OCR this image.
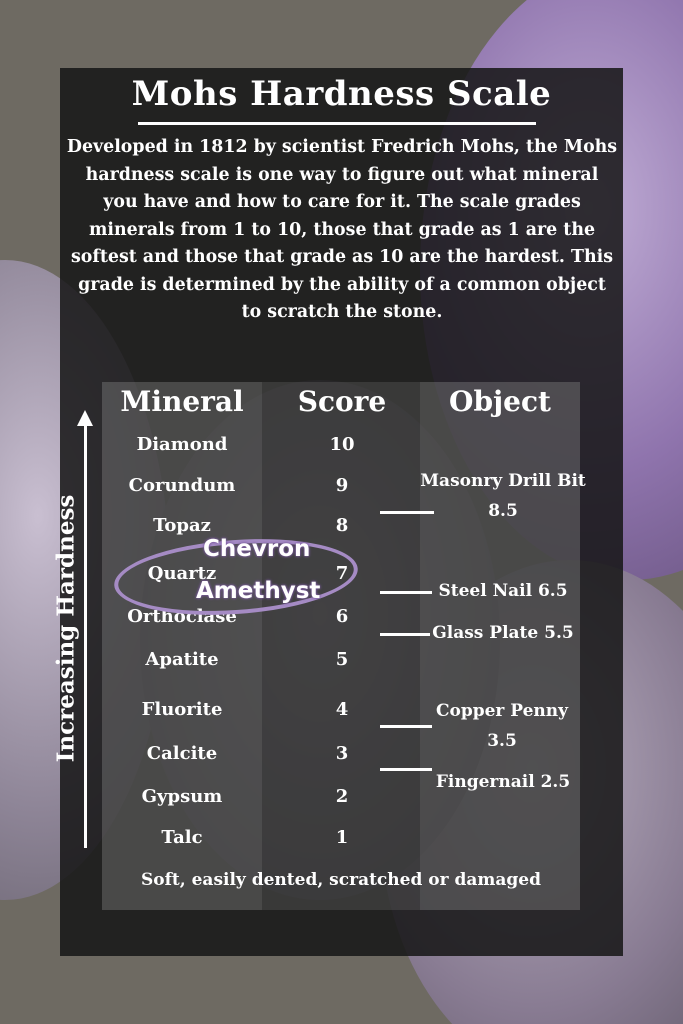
Mohs Hardness Scale
Developed in 1812 by scientist Fredrich Mohs, the Mohs hardness scale is one way to figure out what mineral you have and how to care for it. The scale grades minerals from 1 to 10, those that grade as 1 are the softest and those that grade as 10 are the hardest. This grade is determined by the ability of a common object to scratch the stone.
Mineral	Score	Object
Diamond	10
Corundum	9
Topaz	8
Quartz	7
Orthoclase	6
Apatite	5
Fluorite	4
Calcite	3
Gypsum	2
Talc	1
Masonry Drill Bit 8.5
Steel Nail 6.5
Glass Plate 5.5
Copper Penny 3.5
Fingernail 2.5
Increasing Hardness	Chevron
Amethyst
Soft, easily dented, scratched or damaged
